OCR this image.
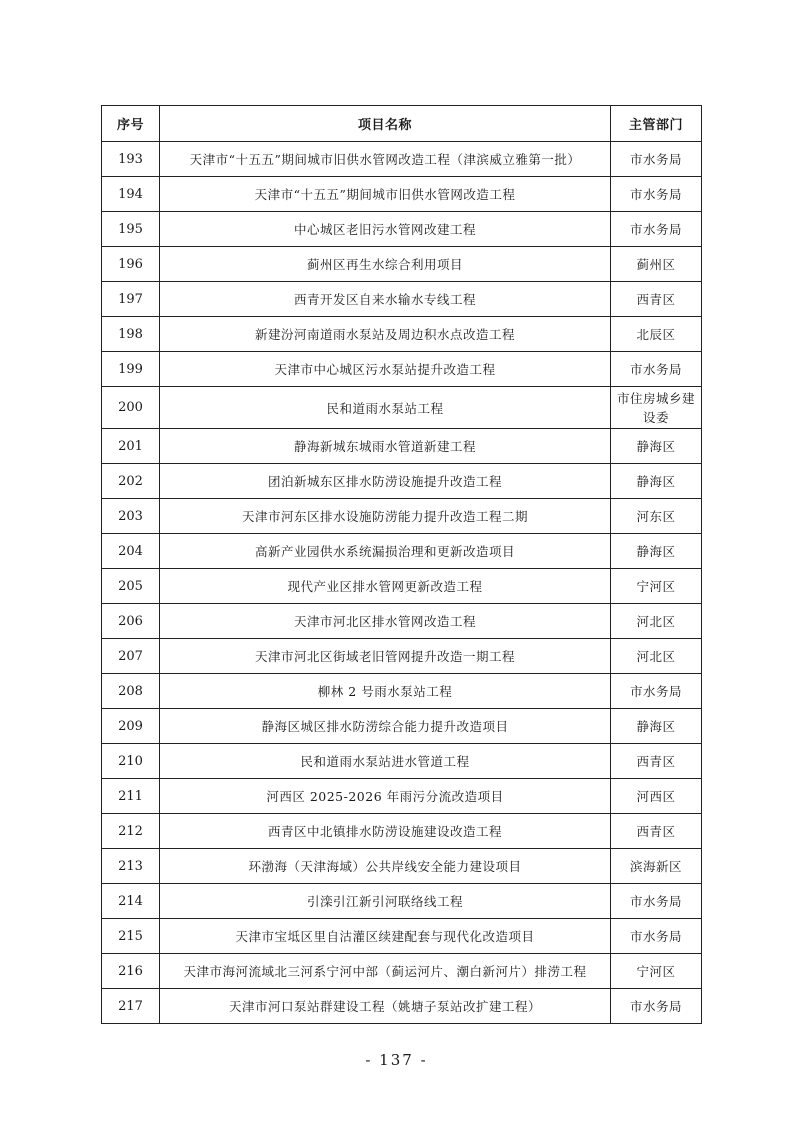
序号	项目名称	主管部门
193	天津市“十五五”期间城市旧供水管网改造工程（津滨威立雅第一批）	市水务局
194	天津市“十五五”期间城市旧供水管网改造工程	市水务局
195	中心城区老旧污水管网改建工程	市水务局
196	蓟州区再生水综合利用项目	蓟州区
197	西青开发区自来水输水专线工程	西青区
198	新建汾河南道雨水泵站及周边积水点改造工程	北辰区
199	天津市中心城区污水泵站提升改造工程	市水务局
200	民和道雨水泵站工程	市住房城乡建设委
201	静海新城东城雨水管道新建工程	静海区
202	团泊新城东区排水防涝设施提升改造工程	静海区
203	天津市河东区排水设施防涝能力提升改造工程二期	河东区
204	高新产业园供水系统漏损治理和更新改造项目	静海区
205	现代产业区排水管网更新改造工程	宁河区
206	天津市河北区排水管网改造工程	河北区
207	天津市河北区街域老旧管网提升改造一期工程	河北区
208	柳林 2 号雨水泵站工程	市水务局
209	静海区城区排水防涝综合能力提升改造项目	静海区
210	民和道雨水泵站进水管道工程	西青区
211	河西区 2025-2026 年雨污分流改造项目	河西区
212	西青区中北镇排水防涝设施建设改造工程	西青区
213	环渤海（天津海域）公共岸线安全能力建设项目	滨海新区
214	引滦引江新引河联络线工程	市水务局
215	天津市宝坻区里自沽灌区续建配套与现代化改造项目	市水务局
216	天津市海河流域北三河系宁河中部（蓟运河片、潮白新河片）排涝工程	宁河区
217	天津市河口泵站群建设工程（姚塘子泵站改扩建工程）	市水务局
- 137 -
